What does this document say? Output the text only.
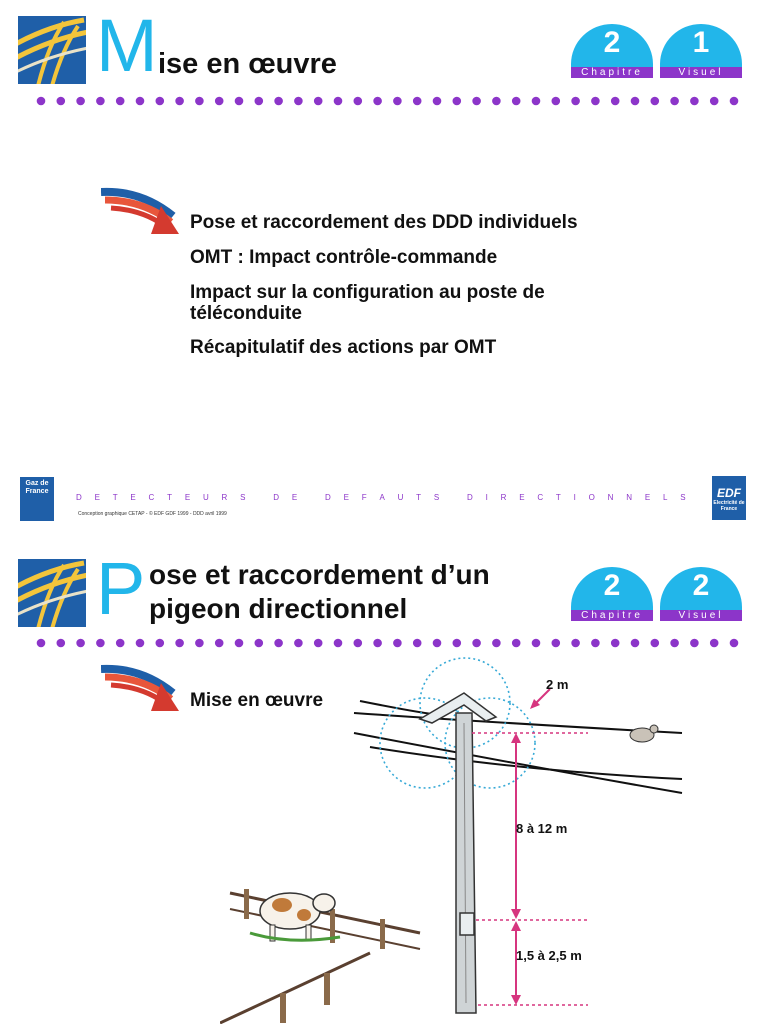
M ise en œuvre
2
Chapitre
1
Visuel
Pose et raccordement des DDD individuels
OMT : Impact contrôle-commande
Impact sur la configuration au poste de téléconduite
Récapitulatif des actions par OMT
Gaz de France
D E T E C T E U R S
	D E
	D E F A U T S
	D I R E C T I O N N E L S
Conception graphique CETAP - © EDF GDF 1999 - DDD avril 1999
EDF
Electricité de France
P ose et raccordement d’un
pigeon directionnel
2
Chapitre
2
Visuel
Mise en œuvre
2 m
8 à 12 m
1,5 à 2,5 m
